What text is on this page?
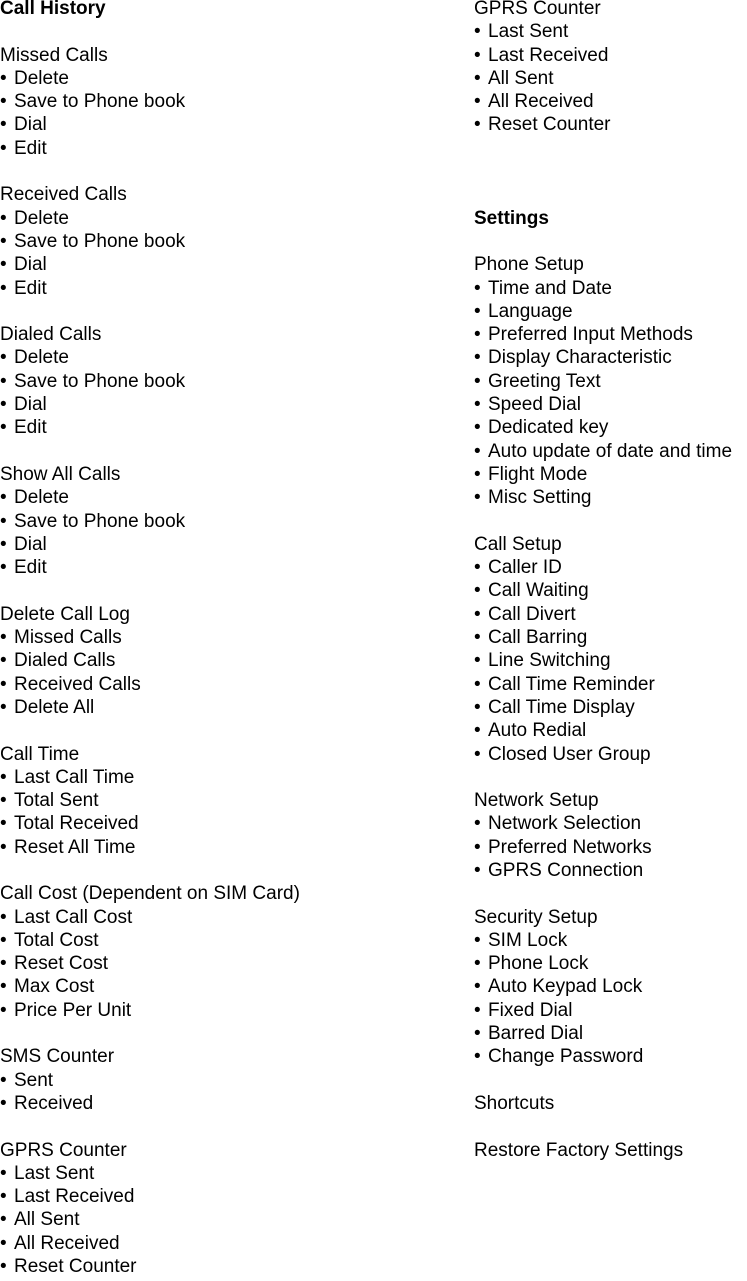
Call History
Missed Calls
• Delete
• Save to Phone book
• Dial
• Edit
Received Calls
• Delete
• Save to Phone book
• Dial
• Edit
Dialed Calls
• Delete
• Save to Phone book
• Dial
• Edit
Show All Calls
• Delete
• Save to Phone book
• Dial
• Edit
Delete Call Log
• Missed Calls
• Dialed Calls
• Received Calls
• Delete All
Call Time
• Last Call Time
• Total Sent
• Total Received
• Reset All Time
Call Cost (Dependent on SIM Card)
• Last Call Cost
• Total Cost
• Reset Cost
• Max Cost
• Price Per Unit
SMS Counter
• Sent
• Received
GPRS Counter
• Last Sent
• Last Received
• All Sent
• All Received
• Reset Counter
GPRS Counter
• Last Sent
• Last Received
• All Sent
• All Received
• Reset Counter
Settings
Phone Setup
• Time and Date
• Language
• Preferred Input Methods
• Display Characteristic
• Greeting Text
• Speed Dial
• Dedicated key
• Auto update of date and time
• Flight Mode
• Misc Setting
Call Setup
• Caller ID
• Call Waiting
• Call Divert
• Call Barring
• Line Switching
• Call Time Reminder
• Call Time Display
• Auto Redial
• Closed User Group
Network Setup
• Network Selection
• Preferred Networks
• GPRS Connection
Security Setup
• SIM Lock
• Phone Lock
• Auto Keypad Lock
• Fixed Dial
• Barred Dial
• Change Password
Shortcuts
Restore Factory Settings
